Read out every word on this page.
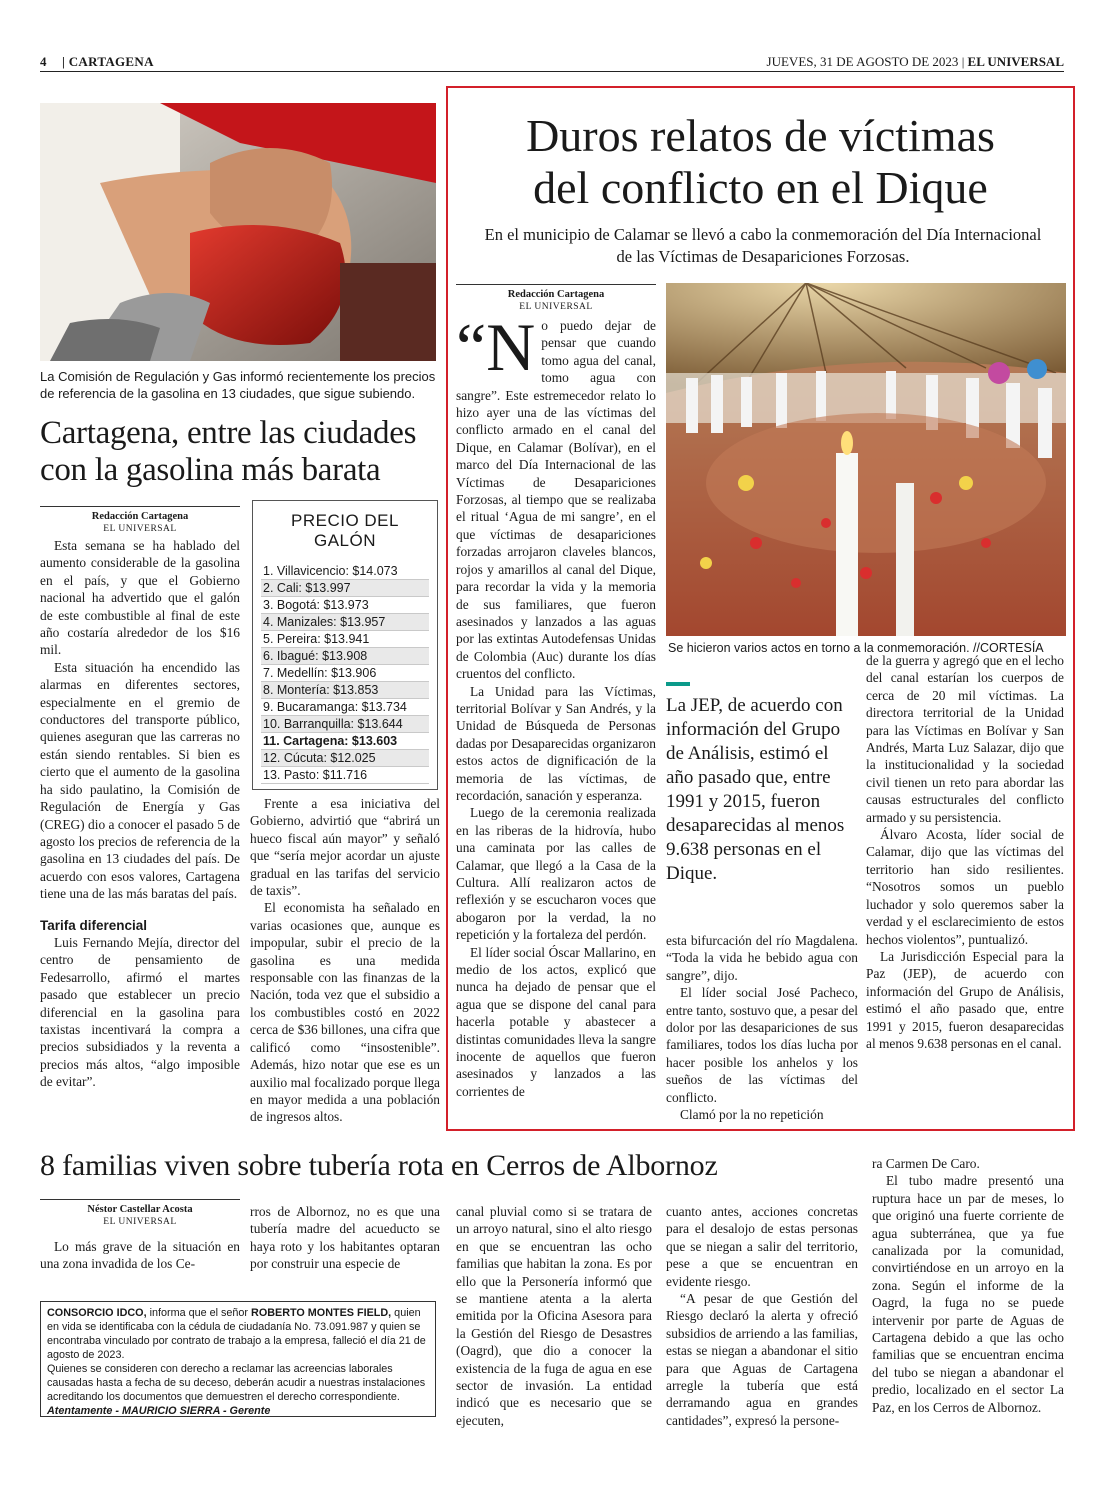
4 | CARTAGENA	JUEVES, 31 DE AGOSTO DE 2023 | EL UNIVERSAL
La Comisión de Regulación y Gas informó recientemente los precios de referencia de la gasolina en 13 ciudades, que sigue subiendo.
Cartagena, entre las ciudades con la gasolina más barata
Redacción Cartagena
EL UNIVERSAL

Esta semana se ha hablado del aumento considerable de la gasolina en el país, y que el Gobierno nacional ha advertido que el galón de este combustible al final de este año costaría alrededor de los $16 mil.

Esta situación ha encendido las alarmas en diferentes sectores, especialmente en el gremio de conductores del transporte público, quienes aseguran que las carreras no están siendo rentables. Si bien es cierto que el aumento de la gasolina ha sido paulatino, la Comisión de Regulación de Energía y Gas (CREG) dio a conocer el pasado 5 de agosto los precios de referencia de la gasolina en 13 ciudades del país. De acuerdo con esos valores, Cartagena tiene una de las más baratas del país.

Tarifa diferencial

Luis Fernando Mejía, director del centro de pensamiento de Fedesarrollo, afirmó el martes pasado que establecer un precio diferencial en la gasolina para taxistas incentivará la compra a precios subsidiados y la reventa a precios más altos, “algo imposible de evitar”.

PRECIO DEL GALÓN
1. Villavicencio: $14.073
2. Cali: $13.997
3. Bogotá: $13.973
4. Manizales: $13.957
5. Pereira: $13.941
6. Ibagué: $13.908
7. Medellín: $13.906
8. Montería: $13.853
9. Bucaramanga: $13.734
10. Barranquilla: $13.644
11. Cartagena: $13.603
12. Cúcuta: $12.025
13. Pasto: $11.716

Frente a esa iniciativa del Gobierno, advirtió que “abrirá un hueco fiscal aún mayor” y señaló que “sería mejor acordar un ajuste gradual en las tarifas del servicio de taxis”.

El economista ha señalado en varias ocasiones que, aunque es impopular, subir el precio de la gasolina es una medida responsable con las finanzas de la Nación, toda vez que el subsidio a los combustibles costó en 2022 cerca de $36 billones, una cifra que calificó como “insostenible”. Además, hizo notar que ese es un auxilio mal focalizado porque llega en mayor medida a una población de ingresos altos.

Duros relatos de víctimas
del conflicto en el Dique
En el municipio de Calamar se llevó a cabo la conmemoración del Día Internacional de las Víctimas de Desapariciones Forzosas.
Redacción Cartagena
EL UNIVERSAL

“No puedo dejar de pensar que cuando tomo agua del canal, tomo agua con sangre”. Este estremecedor relato lo hizo ayer una de las víctimas del conflicto armado en el canal del Dique, en Calamar (Bolívar), en el marco del Día Internacional de las Víctimas de Desapariciones Forzosas, al tiempo que se realizaba el ritual ‘Agua de mi sangre’, en el que víctimas de desapariciones forzadas arrojaron claveles blancos, rojos y amarillos al canal del Dique, para recordar la vida y la memoria de sus familiares, que fueron asesinados y lanzados a las aguas por las extintas Autodefensas Unidas de Colombia (Auc) durante los días cruentos del conflicto.

La Unidad para las Víctimas, territorial Bolívar y San Andrés, y la Unidad de Búsqueda de Personas dadas por Desaparecidas organizaron estos actos de dignificación de la memoria de las víctimas, de recordación, sanación y esperanza.

Luego de la ceremonia realizada en las riberas de la hidrovía, hubo una caminata por las calles de Calamar, que llegó a la Casa de la Cultura. Allí realizaron actos de reflexión y se escucharon voces que abogaron por la verdad, la no repetición y la fortaleza del perdón.

El líder social Óscar Mallarino, en medio de los actos, explicó que nunca ha dejado de pensar que el agua que se dispone del canal para hacerla potable y abastecer a distintas comunidades lleva la sangre inocente de aquellos que fueron asesinados y lanzados a las corrientes de

Se hicieron varios actos en torno a la conmemoración. //CORTESÍA
La JEP, de acuerdo con información del Grupo de Análisis, estimó el año pasado que, entre 1991 y 2015, fueron desaparecidas al menos 9.638 personas en el Dique.

esta bifurcación del río Magdalena. “Toda la vida he bebido agua con sangre”, dijo.

El líder social José Pacheco, entre tanto, sostuvo que, a pesar del dolor por las desapariciones de sus familiares, todos los días lucha por hacer posible los anhelos y los sueños de las víctimas del conflicto.

Clamó por la no repetición

de la guerra y agregó que en el lecho del canal estarían los cuerpos de cerca de 20 mil víctimas. La directora territorial de la Unidad para las Víctimas en Bolívar y San Andrés, Marta Luz Salazar, dijo que la institucionalidad y la sociedad civil tienen un reto para abordar las causas estructurales del conflicto armado y su persistencia.

Álvaro Acosta, líder social de Calamar, dijo que las víctimas del territorio han sido resilientes. “Nosotros somos un pueblo luchador y solo queremos saber la verdad y el esclarecimiento de estos hechos violentos”, puntualizó.

La Jurisdicción Especial para la Paz (JEP), de acuerdo con información del Grupo de Análisis, estimó el año pasado que, entre 1991 y 2015, fueron desaparecidas al menos 9.638 personas en el canal.

8 familias viven sobre tubería rota en Cerros de Albornoz
Néstor Castellar Acosta
EL UNIVERSAL

Lo más grave de la situación en una zona invadida de los Ce-

rros de Albornoz, no es que una tubería madre del acueducto se haya roto y los habitantes optaran por construir una especie de

canal pluvial como si se tratara de un arroyo natural, sino el alto riesgo en que se encuentran las ocho familias que habitan la zona. Es por ello que la Personería informó que se mantiene atenta a la alerta emitida por la Oficina Asesora para la Gestión del Riesgo de Desastres (Oagrd), que dio a conocer la existencia de la fuga de agua en ese sector de invasión. La entidad indicó que es necesario que se ejecuten,

cuanto antes, acciones concretas para el desalojo de estas personas que se niegan a salir del territorio, pese a que se encuentran en evidente riesgo.

“A pesar de que Gestión del Riesgo declaró la alerta y ofreció subsidios de arriendo a las familias, estas se niegan a abandonar el sitio para que Aguas de Cartagena arregle la tubería que está derramando agua en grandes cantidades”, expresó la persone-

ra Carmen De Caro.

El tubo madre presentó una ruptura hace un par de meses, lo que originó una fuerte corriente de agua subterránea, que ya fue canalizada por la comunidad, convirtiéndose en un arroyo en la zona. Según el informe de la Oagrd, la fuga no se puede intervenir por parte de Aguas de Cartagena debido a que las ocho familias que se encuentran encima del tubo se niegan a abandonar el predio, localizado en el sector La Paz, en los Cerros de Albornoz.

CONSORCIO IDCO, informa que el señor ROBERTO MONTES FIELD, quien en vida se identificaba con la cédula de ciudadanía No. 73.091.987 y quien se encontraba vinculado por contrato de trabajo a la empresa, falleció el día 21 de agosto de 2023.
Quienes se consideren con derecho a reclamar las acreencias laborales causadas hasta a fecha de su deceso, deberán acudir a nuestras instalaciones acreditando los documentos que demuestren el derecho correspondiente.
Atentamente - MAURICIO SIERRA - Gerente
